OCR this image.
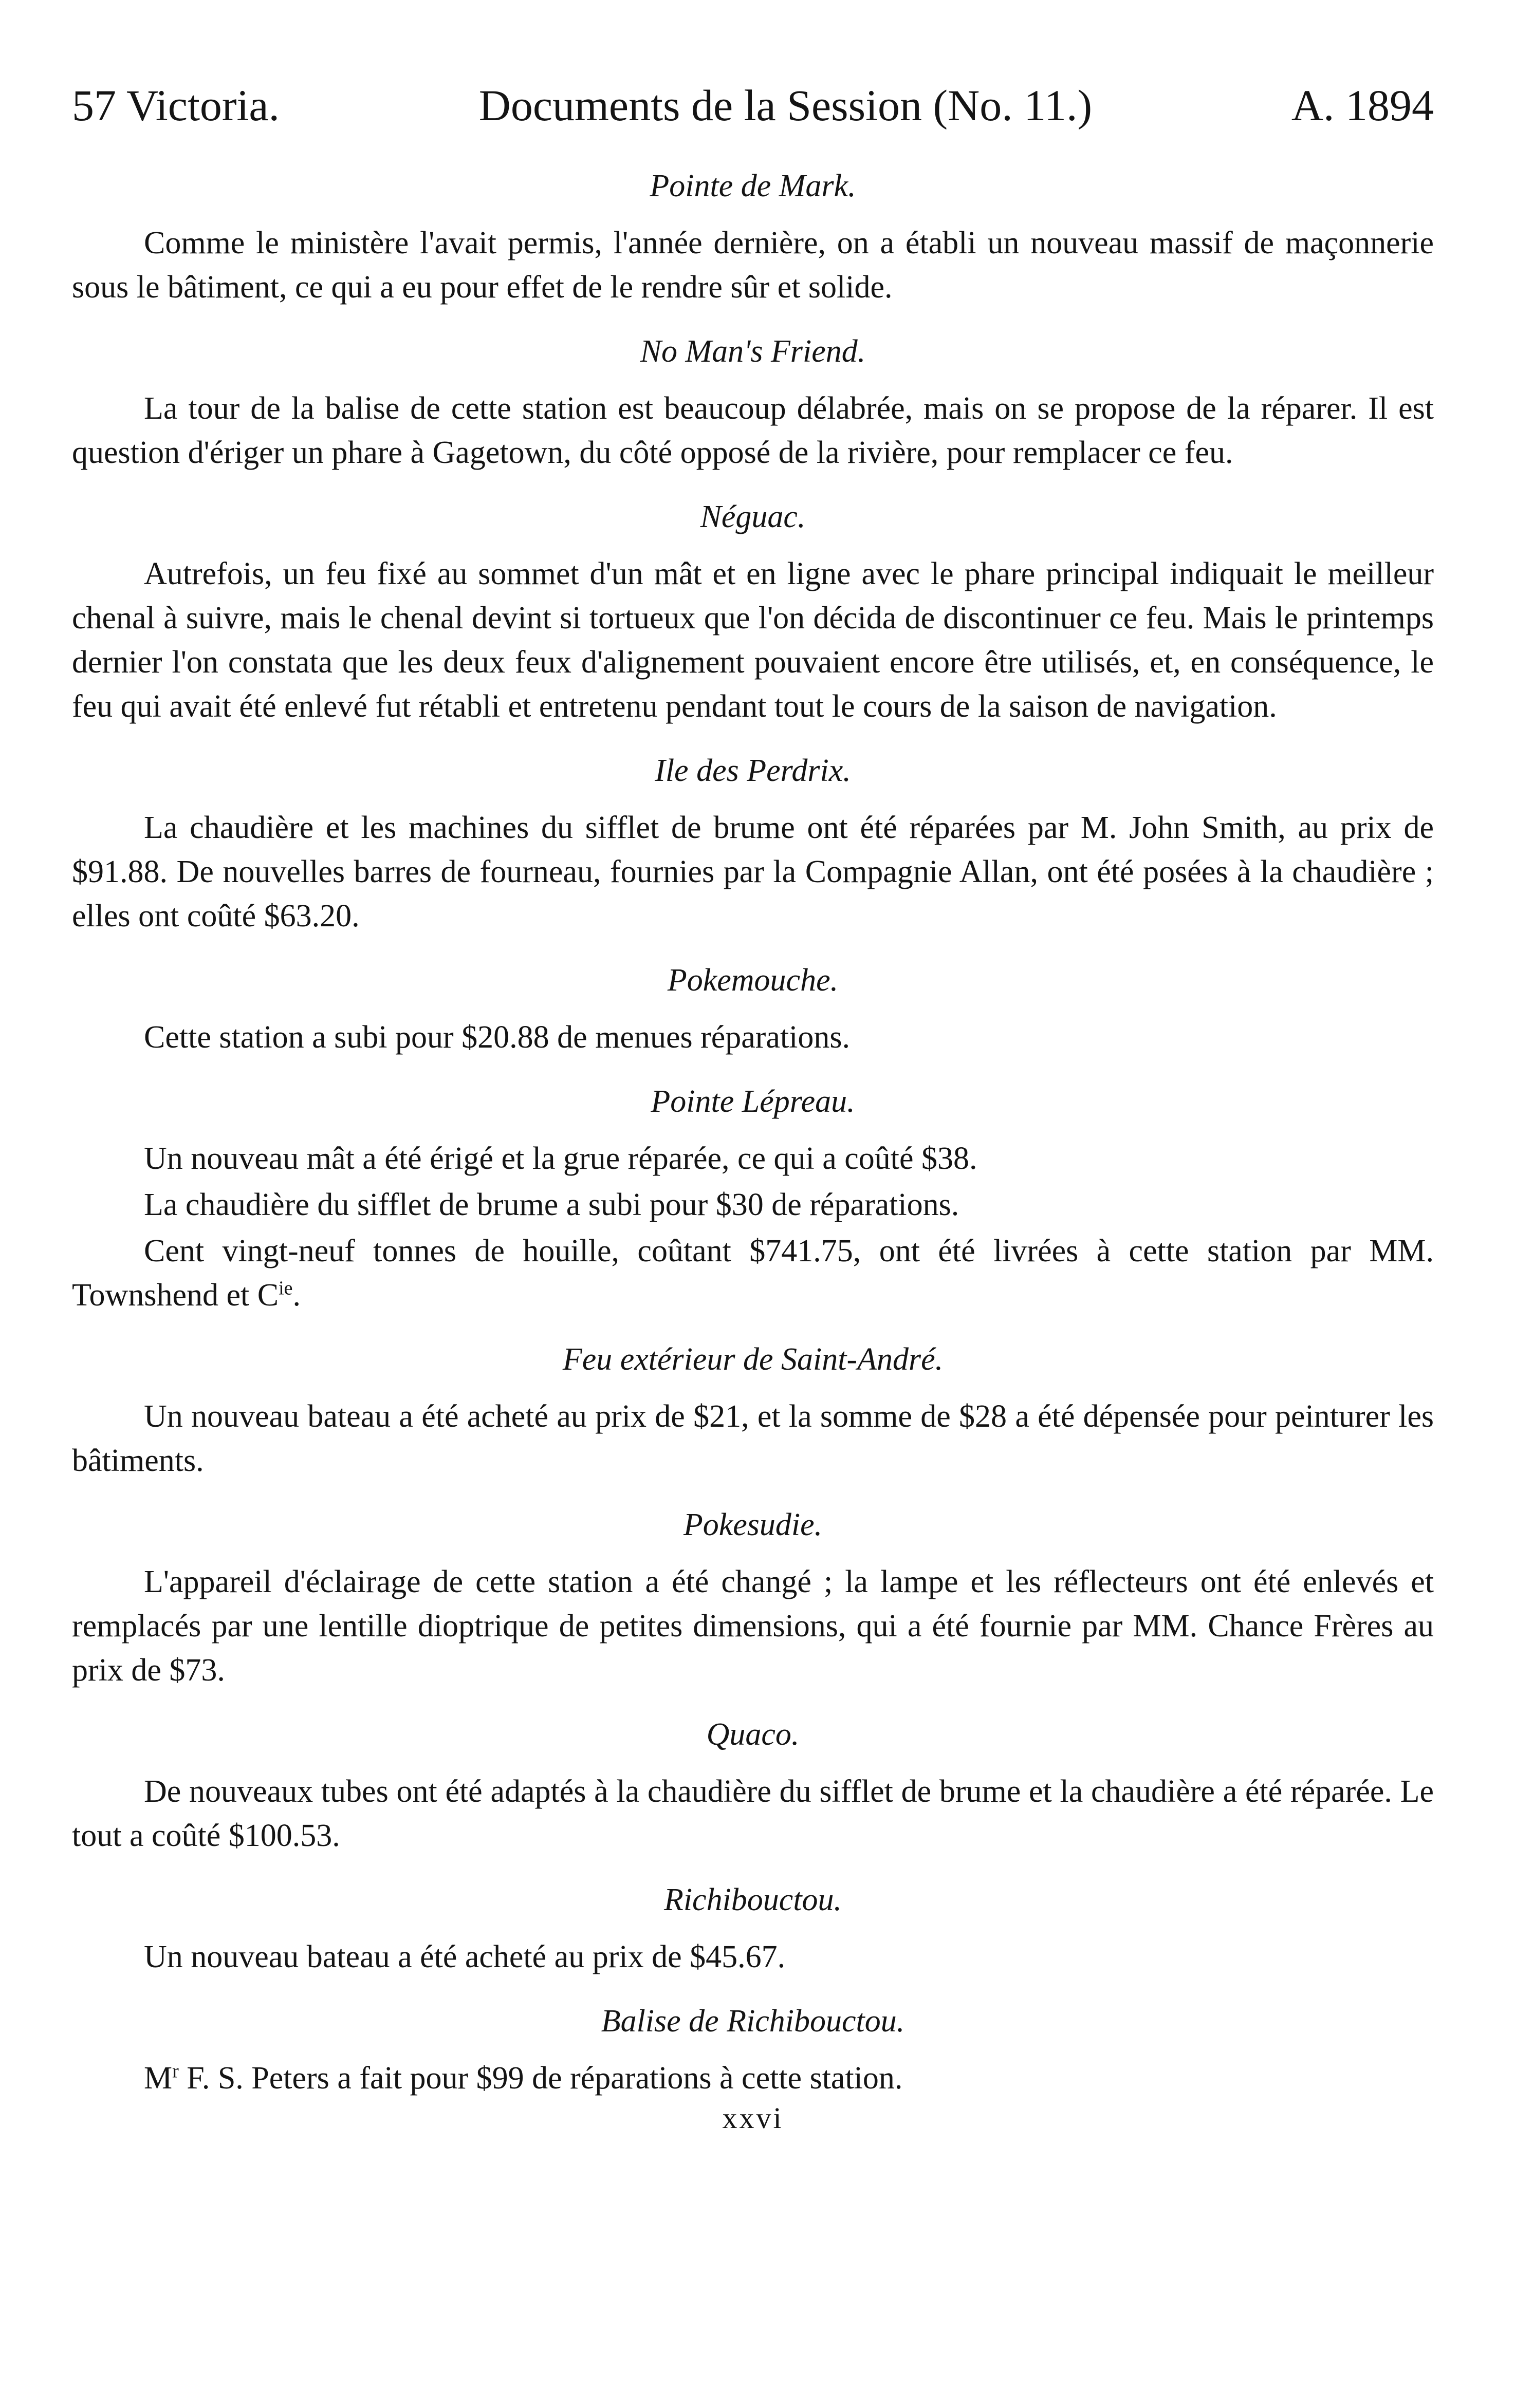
57 Victoria.	Documents de la Session (No. 11.)	A. 1894
Pointe de Mark.

Comme le ministère l'avait permis, l'année dernière, on a établi un nouveau massif de maçonnerie sous le bâtiment, ce qui a eu pour effet de le rendre sûr et solide.

No Man's Friend.

La tour de la balise de cette station est beaucoup délabrée, mais on se propose de la réparer. Il est question d'ériger un phare à Gagetown, du côté opposé de la rivière, pour remplacer ce feu.

Néguac.

Autrefois, un feu fixé au sommet d'un mât et en ligne avec le phare principal indiquait le meilleur chenal à suivre, mais le chenal devint si tortueux que l'on décida de discontinuer ce feu. Mais le printemps dernier l'on constata que les deux feux d'alignement pouvaient encore être utilisés, et, en conséquence, le feu qui avait été enlevé fut rétabli et entretenu pendant tout le cours de la saison de navigation.

Ile des Perdrix.

La chaudière et les machines du sifflet de brume ont été réparées par M. John Smith, au prix de $91.88. De nouvelles barres de fourneau, fournies par la Compagnie Allan, ont été posées à la chaudière ; elles ont coûté $63.20.

Pokemouche.

Cette station a subi pour $20.88 de menues réparations.

Pointe Lépreau.

Un nouveau mât a été érigé et la grue réparée, ce qui a coûté $38.

La chaudière du sifflet de brume a subi pour $30 de réparations.

Cent vingt-neuf tonnes de houille, coûtant $741.75, ont été livrées à cette station par MM. Townshend et $C^{ie}$.

Feu extérieur de Saint-André.

Un nouveau bateau a été acheté au prix de $21, et la somme de $28 a été dépensée pour peinturer les bâtiments.

Pokesudie.

L'appareil d'éclairage de cette station a été changé ; la lampe et les réflecteurs ont été enlevés et remplacés par une lentille dioptrique de petites dimensions, qui a été fournie par MM. Chance Frères au prix de $73.

Quaco.

De nouveaux tubes ont été adaptés à la chaudière du sifflet de brume et la chaudière a été réparée. Le tout a coûté $100.53.

Richibouctou.

Un nouveau bateau a été acheté au prix de $45.67.

Balise de Richibouctou.

$M^r$ F. S. Peters a fait pour $99 de réparations à cette station.

xxvi
